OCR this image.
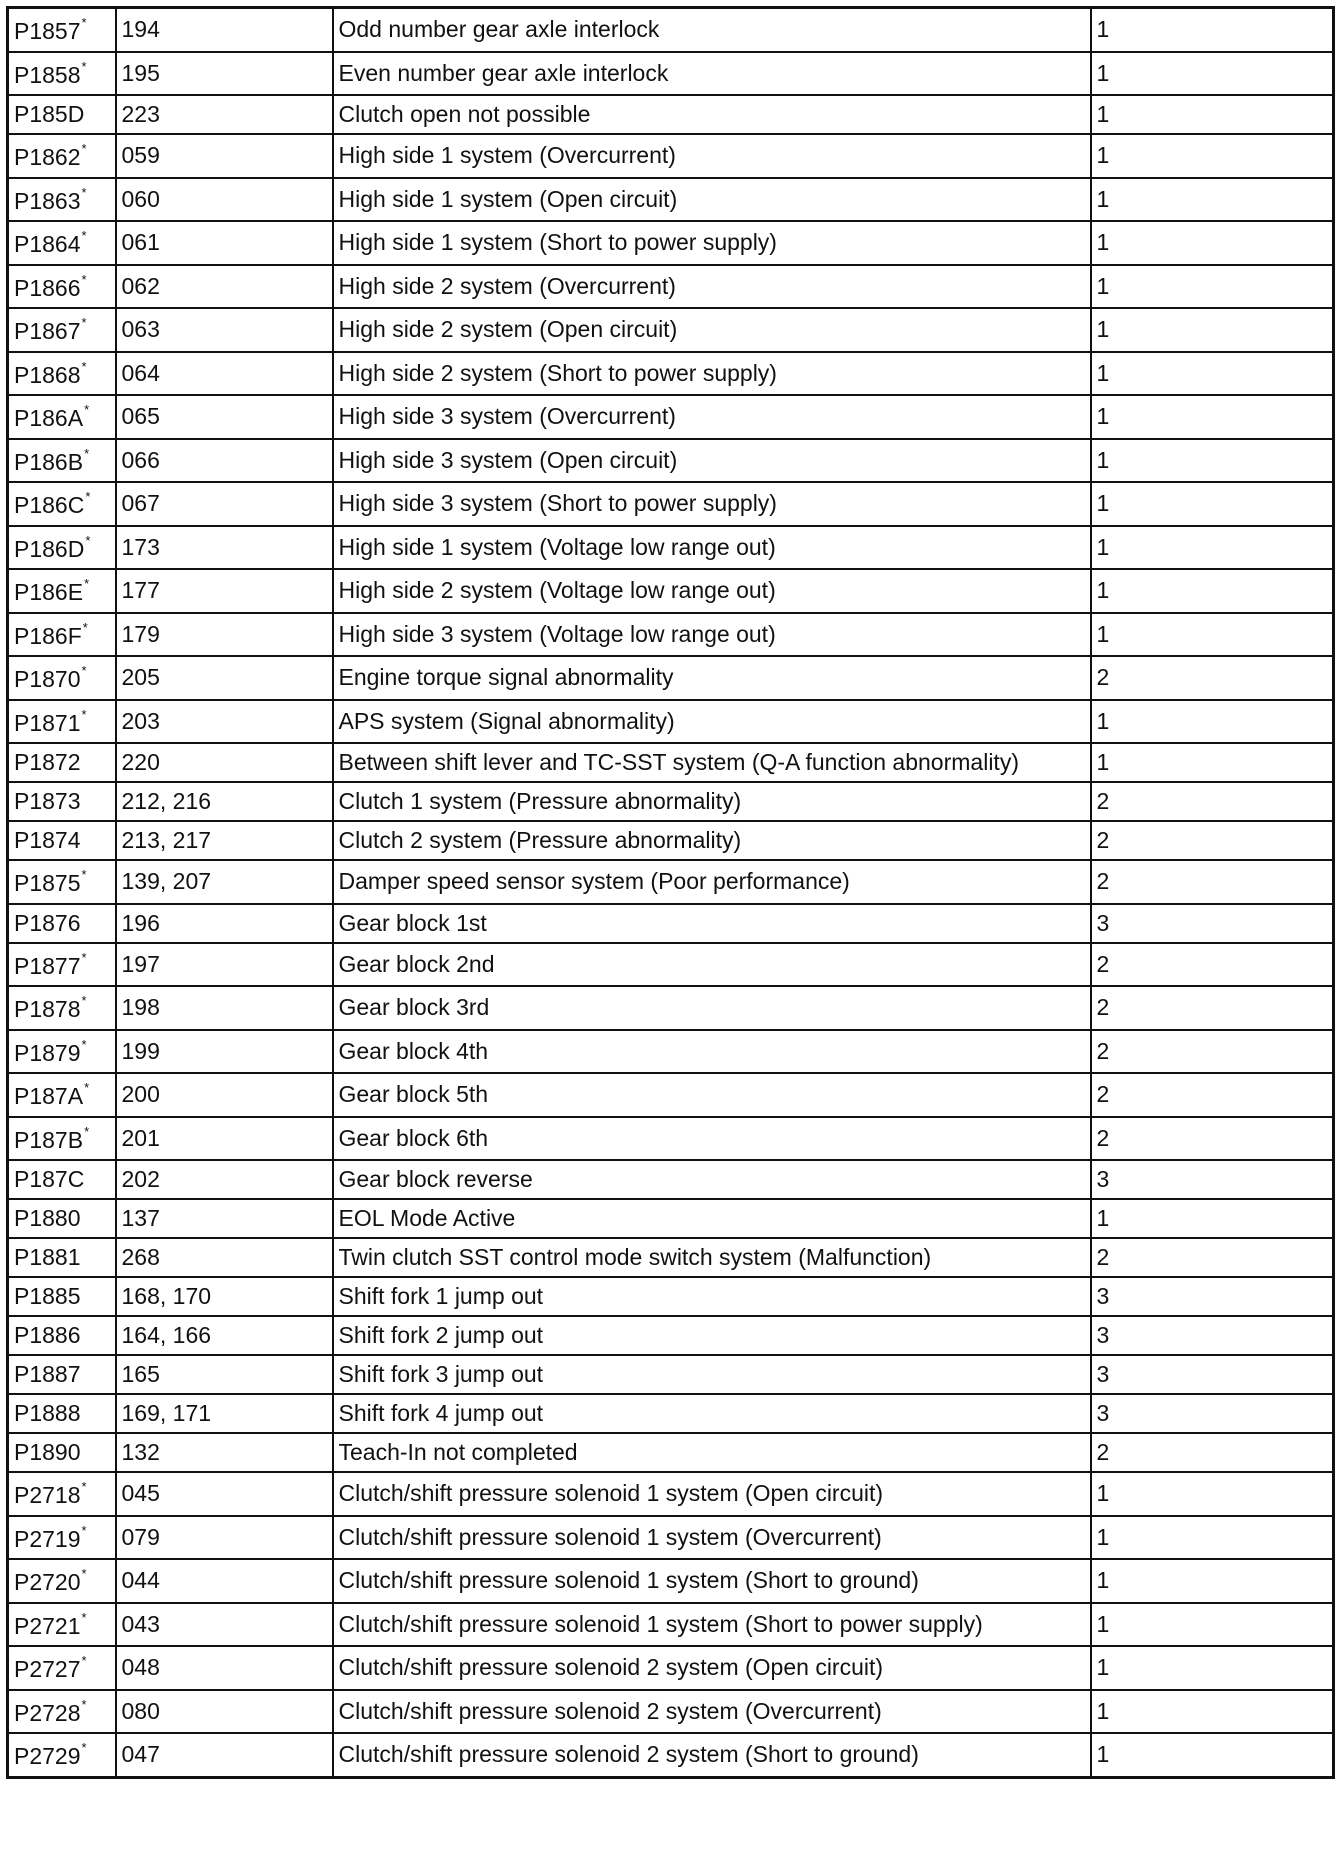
P1857*	194	Odd number gear axle interlock	1
P1858*	195	Even number gear axle interlock	1
P185D	223	Clutch open not possible	1
P1862*	059	High side 1 system (Overcurrent)	1
P1863*	060	High side 1 system (Open circuit)	1
P1864*	061	High side 1 system (Short to power supply)	1
P1866*	062	High side 2 system (Overcurrent)	1
P1867*	063	High side 2 system (Open circuit)	1
P1868*	064	High side 2 system (Short to power supply)	1
P186A*	065	High side 3 system (Overcurrent)	1
P186B*	066	High side 3 system (Open circuit)	1
P186C*	067	High side 3 system (Short to power supply)	1
P186D*	173	High side 1 system (Voltage low range out)	1
P186E*	177	High side 2 system (Voltage low range out)	1
P186F*	179	High side 3 system (Voltage low range out)	1
P1870*	205	Engine torque signal abnormality	2
P1871*	203	APS system (Signal abnormality)	1
P1872	220	Between shift lever and TC-SST system (Q-A function abnormality)	1
P1873	212, 216	Clutch 1 system (Pressure abnormality)	2
P1874	213, 217	Clutch 2 system (Pressure abnormality)	2
P1875*	139, 207	Damper speed sensor system (Poor performance)	2
P1876	196	Gear block 1st	3
P1877*	197	Gear block 2nd	2
P1878*	198	Gear block 3rd	2
P1879*	199	Gear block 4th	2
P187A*	200	Gear block 5th	2
P187B*	201	Gear block 6th	2
P187C	202	Gear block reverse	3
P1880	137	EOL Mode Active	1
P1881	268	Twin clutch SST control mode switch system (Malfunction)	2
P1885	168, 170	Shift fork 1 jump out	3
P1886	164, 166	Shift fork 2 jump out	3
P1887	165	Shift fork 3 jump out	3
P1888	169, 171	Shift fork 4 jump out	3
P1890	132	Teach-In not completed	2
P2718*	045	Clutch/shift pressure solenoid 1 system (Open circuit)	1
P2719*	079	Clutch/shift pressure solenoid 1 system (Overcurrent)	1
P2720*	044	Clutch/shift pressure solenoid 1 system (Short to ground)	1
P2721*	043	Clutch/shift pressure solenoid 1 system (Short to power supply)	1
P2727*	048	Clutch/shift pressure solenoid 2 system (Open circuit)	1
P2728*	080	Clutch/shift pressure solenoid 2 system (Overcurrent)	1
P2729*	047	Clutch/shift pressure solenoid 2 system (Short to ground)	1
